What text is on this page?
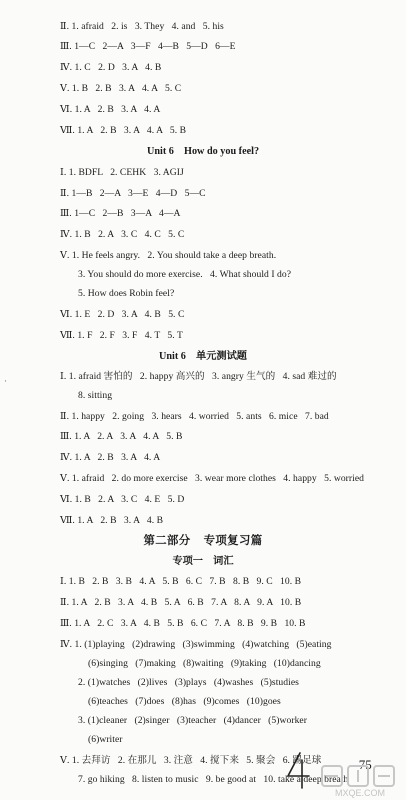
Ⅱ. 1. afraid   2. is   3. They   4. and   5. his
Ⅲ. 1—C   2—A   3—F   4—B   5—D   6—E
Ⅳ. 1. C   2. D   3. A   4. B
Ⅴ. 1. B   2. B   3. A   4. A   5. C
Ⅵ. 1. A   2. B   3. A   4. A
Ⅶ. 1. A   2. B   3. A   4. A   5. B
Unit 6    How do you feel?
Ⅰ. 1. BDFL   2. CEHK   3. AGIJ
Ⅱ. 1—B   2—A   3—E   4—D   5—C
Ⅲ. 1—C   2—B   3—A   4—A
Ⅳ. 1. B   2. A   3. C   4. C   5. C
Ⅴ. 1. He feels angry.   2. You should take a deep breath.
3. You should do more exercise.   4. What should I do?
5. How does Robin feel?
Ⅵ. 1. E   2. D   3. A   4. B   5. C
Ⅶ. 1. F   2. F   3. F   4. T   5. T
Unit 6    单元测试题
Ⅰ. 1. afraid 害怕的   2. happy 高兴的   3. angry 生气的   4. sad 难过的
8. sitting
Ⅱ. 1. happy   2. going   3. hears   4. worried   5. ants   6. mice   7. bad
Ⅲ. 1. A   2. A   3. A   4. A   5. B
Ⅳ. 1. A   2. B   3. A   4. A
Ⅴ. 1. afraid   2. do more exercise   3. wear more clothes   4. happy   5. worried
Ⅵ. 1. B   2. A   3. C   4. E   5. D
Ⅶ. 1. A   2. B   3. A   4. B
第二部分    专项复习篇
专项一    词汇
Ⅰ. 1. B   2. B   3. B   4. A   5. B   6. C   7. B   8. B   9. C   10. B
Ⅱ. 1. A   2. B   3. A   4. B   5. A   6. B   7. A   8. A   9. A   10. B
Ⅲ. 1. A   2. C   3. A   4. B   5. B   6. C   7. A   8. B   9. B   10. B
Ⅳ. 1. (1)playing   (2)drawing   (3)swimming   (4)watching   (5)eating
(6)singing   (7)making   (8)waiting   (9)taking   (10)dancing
2. (1)watches   (2)lives   (3)plays   (4)washes   (5)studies
(6)teaches   (7)does   (8)has   (9)comes   (10)goes
3. (1)cleaner   (2)singer   (3)teacher   (4)dancer   (5)worker
(6)writer
Ⅴ. 1. 去拜访   2. 在那儿   3. 注意   4. 搅下来   5. 聚会   6. 踢足球
7. go hiking   8. listen to music   9. be good at   10. take a deep breath
·
– 75 –
MXQE.COM
